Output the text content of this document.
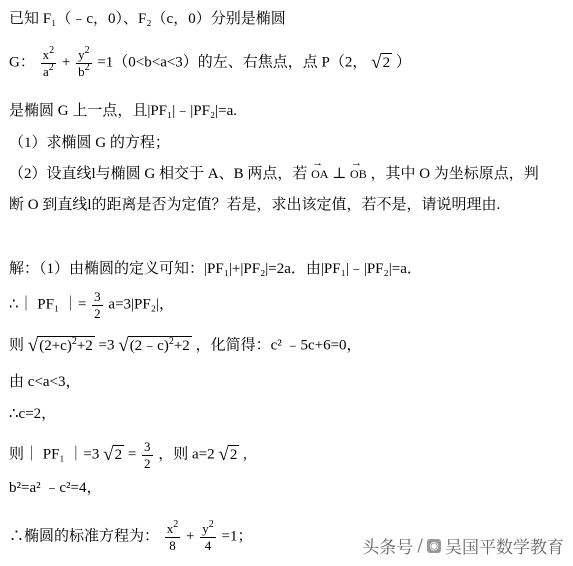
已知 F₁（﹣c，0）、F₂（c，0）分别是椭圆
G： $\frac{x^2}{a^2} + \frac{y^2}{b^2} =1(0<b<a<3)$的左、右焦点，点 P（2， √ 2 ）
是椭圆 G 上一点，且|PF₁|﹣|PF₂|=a.
（1）求椭圆 G 的方程；
（2）设直线l与椭圆 G 相交于 A、B 两点，若 → OA ⊥ → OB ，其中 O 为坐标原点，判
断 O 到直线l的距离是否为定值？若是，求出该定值，若不是，请说明理由.
解：（1）由椭圆的定义可知：|PF₁|+|PF₂|=2a．由|PF₁|﹣|PF₂|=a．
∴｜ PF₁ ｜= $\frac{3}{2} a=3|PF_2|$，
则 √ $(2+c)^2+2 =3$ √ (2﹣c)$^2$+2 ，化简得：c² ﹣5c+6=0，
由 c<a<3，
∴c=2，
则｜ PF₁ ｜=3 √ $2 = \frac{3}{2}$ ，则 a=2 √ 2 ,
b²=a² ﹣c²=4，
∴椭圆的标准方程为： $\frac{x^2}{8} + \frac{y^2}{4} =1$；
头条号 / ◉ 吴国平数学教育
